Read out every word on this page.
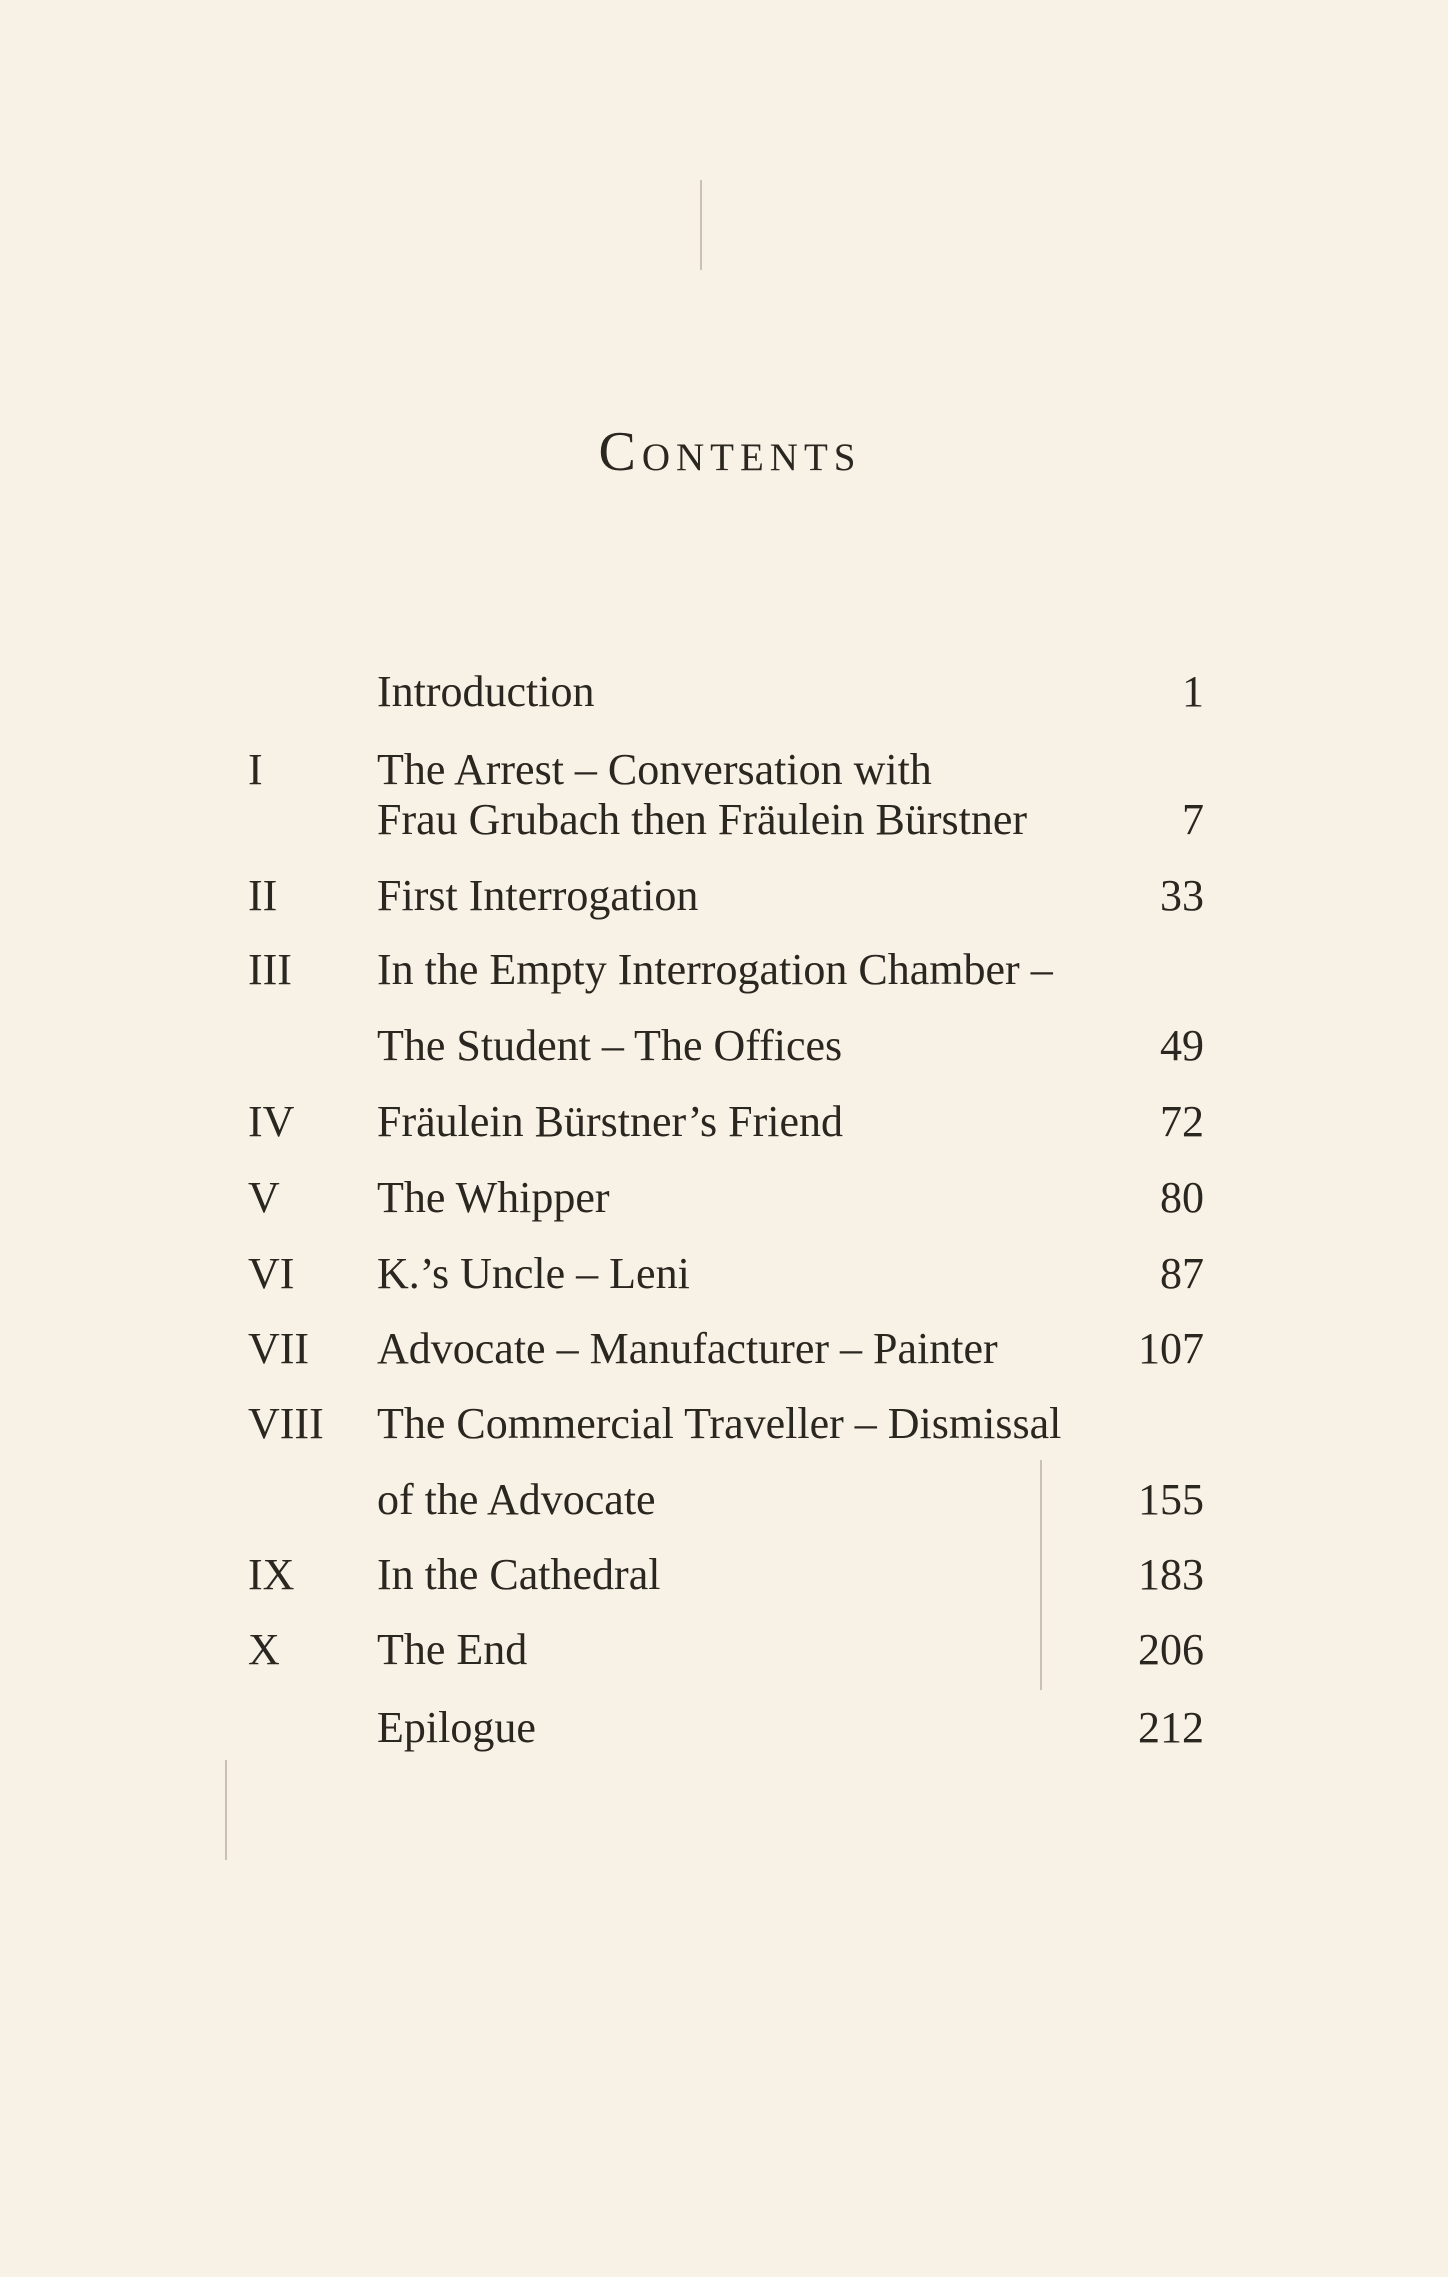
Contents
Introduction	1
I	The Arrest – Conversation with
Frau Grubach then Fräulein Bürstner	7
II First Interrogation	33
III In the Empty Interrogation Chamber –
The Student – The Offices	49
IV Fräulein Bürstner’s Friend	72
V The Whipper	80
VI K.’s Uncle – Leni	87
VII Advocate – Manufacturer – Painter	107
VIII The Commercial Traveller – Dismissal
of the Advocate	155
IX In the Cathedral	183
X The End	206
Epilogue	212
